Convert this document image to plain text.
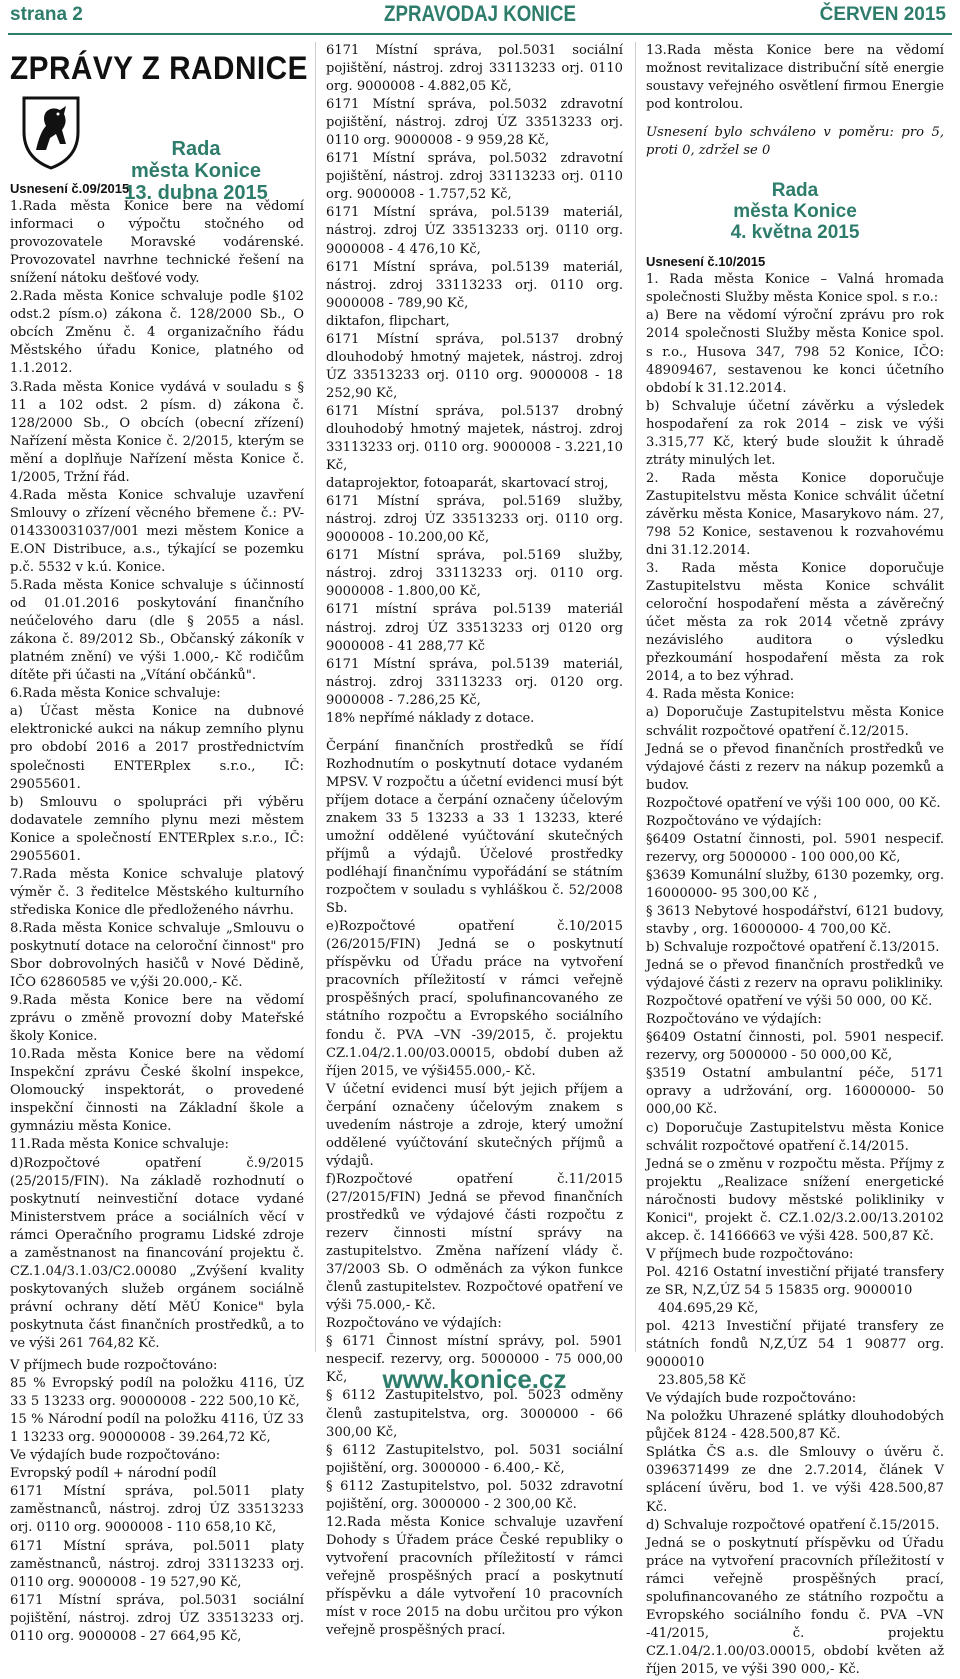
strana 2	ZPRAVODAJ KONICE	ČERVEN 2015
ZPRÁVY Z RADNICE
Rada
města Konice
13. dubna 2015

Usnesení č.09/2015

1.Rada města Konice bere na vědomí informaci o výpočtu stočného od provozovatele Moravské vodárenské. Provozovatel navrhne technické řešení na snížení nátoku dešťové vody.

2.Rada města Konice schvaluje podle §102 odst.2 písm.o) zákona č. 128/2000 Sb., O obcích Změnu č. 4 organizačního řádu Městského úřadu Konice, platného od 1.1.2012.

3.Rada města Konice vydává v souladu s § 11 a 102 odst. 2 písm. d) zákona č. 128/2000 Sb., O obcích (obecní zřízení) Nařízení města Konice č. 2/2015, kterým se mění a doplňuje Nařízení města Konice č. 1/2005, Tržní řád.

4.Rada města Konice schvaluje uzavření Smlouvy o zřízení věcného břemene č.: PV-014330031037/001 mezi městem Konice a E.ON Distribuce, a.s., týkající se pozemku p.č. 5532 v k.ú. Konice.

5.Rada města Konice schvaluje s účinností od 01.01.2016 poskytování finančního neúčelového daru (dle § 2055 a násl. zákona č. 89/2012 Sb., Občanský zákoník v platném znění) ve výši 1.000,- Kč rodičům dítěte při účasti na „Vítání občánků".

6.Rada města Konice schvaluje:

a) Účast města Konice na dubnové elektronické aukci na nákup zemního plynu pro období 2016 a 2017 prostřednictvím společnosti ENTERplex s.r.o., IČ: 29055601.

b) Smlouvu o spolupráci při výběru dodavatele zemního plynu mezi městem Konice a společností ENTERplex s.r.o., IČ: 29055601.

7.Rada města Konice schvaluje platový výměr č. 3 ředitelce Městského kulturního střediska Konice dle předloženého návrhu.

8.Rada města Konice schvaluje „Smlouvu o poskytnutí dotace na celoroční činnost" pro Sbor dobrovolných hasičů v Nové Dědině, IČO 62860585 ve v,ýši 20.000,- Kč.

9.Rada města Konice bere na vědomí zprávu o změně provozní doby Mateřské školy Konice.

10.Rada města Konice bere na vědomí Inspekční zprávu České školní inspekce, Olomoucký inspektorát, o provedené inspekční činnosti na Základní škole a gymnáziu města Konice.

11.Rada města Konice schvaluje:

d)Rozpočtové opatření č.9/2015 (25/2015/FIN). Na základě rozhodnutí o poskytnutí neinvestiční dotace vydané Ministerstvem práce a sociálních věcí v rámci Operačního programu Lidské zdroje a zaměstnanost na financování projektu č. CZ.1.04/3.1.03/C2.00080 „Zvýšení kvality poskytovaných služeb orgánem sociálně právní ochrany dětí MěÚ Konice" byla poskytnuta část finančních prostředků, a to ve výši 261 764,82 Kč.

V příjmech bude rozpočtováno:

85 % Evropský podíl na položku 4116, ÚZ 33 5 13233 org. 90000008 - 222 500,10 Kč,

15 % Národní podíl na položku 4116, ÚZ 33 1 13233 org. 90000008 - 39.264,72 Kč,

Ve výdajích bude rozpočtováno:

Evropský podíl + národní podíl

6171 Místní správa, pol.5011 platy zaměstnanců, nástroj. zdroj ÚZ 33513233 orj. 0110 org. 9000008 - 110 658,10 Kč,

6171 Místní správa, pol.5011 platy zaměstnanců, nástroj. zdroj 33113233 orj. 0110 org. 9000008 - 19 527,90 Kč,

6171 Místní správa, pol.5031 sociální pojištění, nástroj. zdroj ÚZ 33513233 orj. 0110 org. 9000008 - 27 664,95 Kč,

6171 Místní správa, pol.5031 sociální pojištění, nástroj. zdroj 33113233 orj. 0110 org. 9000008 - 4.882,05 Kč,

6171 Místní správa, pol.5032 zdravotní pojištění, nástroj. zdroj ÚZ 33513233 orj. 0110 org. 9000008 - 9 959,28 Kč,

6171 Místní správa, pol.5032 zdravotní pojištění, nástroj. zdroj 33113233 orj. 0110 org. 9000008 - 1.757,52 Kč,

6171 Místní správa, pol.5139 materiál, nástroj. zdroj ÚZ 33513233 orj. 0110 org. 9000008 - 4 476,10 Kč,

6171 Místní správa, pol.5139 materiál, nástroj. zdroj 33113233 orj. 0110 org. 9000008 - 789,90 Kč,

diktafon, flipchart,

6171 Místní správa, pol.5137 drobný dlouhodobý hmotný majetek, nástroj. zdroj ÚZ 33513233 orj. 0110 org. 9000008 - 18 252,90 Kč,

6171 Místní správa, pol.5137 drobný dlouhodobý hmotný majetek, nástroj. zdroj 33113233 orj. 0110 org. 9000008 - 3.221,10 Kč,

dataprojektor, fotoaparát, skartovací stroj,

6171 Místní správa, pol.5169 služby, nástroj. zdroj ÚZ 33513233 orj. 0110 org. 9000008 - 10.200,00 Kč,

6171 Místní správa, pol.5169 služby, nástroj. zdroj 33113233 orj. 0110 org. 9000008 - 1.800,00 Kč,

6171 místní správa pol.5139 materiál nástroj. zdroj ÚZ 33513233 orj 0120 org 9000008 - 41 288,77 Kč

6171 Místní správa, pol.5139 materiál, nástroj. zdroj 33113233 orj. 0120 org. 9000008 - 7.286,25 Kč,

18% nepřímé náklady z dotace.

Čerpání finančních prostředků se řídí Rozhodnutím o poskytnutí dotace vydaném MPSV. V rozpočtu a účetní evidenci musí být příjem dotace a čerpání označeny účelovým znakem 33 5 13233 a 33 1 13233, které umožní oddělené vyúčtování skutečných příjmů a výdajů. Účelové prostředky podléhají finančnímu vypořádání se státním rozpočtem v souladu s vyhláškou č. 52/2008 Sb.

e)Rozpočtové opatření č.10/2015 (26/2015/FIN) Jedná se o poskytnutí příspěvku od Úřadu práce na vytvoření pracovních příležitostí v rámci veřejně prospěšných prací, spolufinancovaného ze státního rozpočtu a Evropského sociálního fondu č. PVA –VN -39/2015, č. projektu CZ.1.04/2.1.00/03.00015, období duben až říjen 2015, ve výši455.000,- Kč.

V účetní evidenci musí být jejich příjem a čerpání označeny účelovým znakem s uvedením nástroje a zdroje, který umožní oddělené vyúčtování skutečných příjmů a výdajů.

f)Rozpočtové opatření č.11/2015 (27/2015/FIN) Jedná se převod finančních prostředků ve výdajové části rozpočtu z rezerv činnosti místní správy na zastupitelstvo. Změna nařízení vlády č. 37/2003 Sb. O odměnách za výkon funkce členů zastupitelstev. Rozpočtové opatření ve výši 75.000,- Kč.

Rozpočtováno ve výdajích:

§ 6171 Činnost místní správy, pol. 5901 nespecif. rezervy, org. 5000000 - 75 000,00 Kč,

§ 6112 Zastupitelstvo, pol. 5023 odměny členů zastupitelstva, org. 3000000 - 66 300,00 Kč,

§ 6112 Zastupitelstvo, pol. 5031 sociální pojištění, org. 3000000 - 6.400,- Kč,

§ 6112 Zastupitelstvo, pol. 5032 zdravotní pojištění, org. 3000000 - 2 300,00 Kč.

12.Rada města Konice schvaluje uzavření Dohody s Úřadem práce České republiky o vytvoření pracovních příležitostí v rámci veřejně prospěšných prací a poskytnutí příspěvku a dále vytvoření 10 pracovních míst v roce 2015 na dobu určitou pro výkon veřejně prospěšných prací.

13.Rada města Konice bere na vědomí možnost revitalizace distribuční sítě energie soustavy veřejného osvětlení firmou Energie pod kontrolou.

Usnesení bylo schváleno v poměru: pro 5, proti 0, zdržel se 0

Rada
města Konice
4. května 2015

Usnesení č.10/2015

1. Rada města Konice – Valná hromada společnosti Služby města Konice spol. s r.o.:

a) Bere na vědomí výroční zprávu pro rok 2014 společnosti Služby města Konice spol. s r.o., Husova 347, 798 52 Konice, IČO: 48909467, sestavenou ke konci účetního období k 31.12.2014.

b) Schvaluje účetní závěrku a výsledek hospodaření za rok 2014 – zisk ve výši 3.315,77 Kč, který bude sloužit k úhradě ztráty minulých let.

2. Rada města Konice doporučuje Zastupitelstvu města Konice schválit účetní závěrku města Konice, Masarykovo nám. 27, 798 52 Konice, sestavenou k rozvahovému dni 31.12.2014.

3. Rada města Konice doporučuje Zastupitelstvu města Konice schválit celoroční hospodaření města a závěrečný účet města za rok 2014 včetně zprávy nezávislého auditora o výsledku přezkoumání hospodaření města za rok 2014, a to bez výhrad.

4. Rada města Konice:

a) Doporučuje Zastupitelstvu města Konice schválit rozpočtové opatření č.12/2015.

Jedná se o převod finančních prostředků ve výdajové části z rezerv na nákup pozemků a budov.

Rozpočtové opatření ve výši 100 000, 00 Kč.

Rozpočtováno ve výdajích:

§6409 Ostatní činnosti, pol. 5901 nespecif. rezervy, org 5000000 - 100 000,00 Kč,

§3639 Komunální služby, 6130 pozemky, org. 16000000- 95 300,00 Kč ,

§ 3613 Nebytové hospodářství, 6121 budovy, stavby , org. 16000000- 4 700,00 Kč.

b) Schvaluje rozpočtové opatření č.13/2015.

Jedná se o převod finančních prostředků ve výdajové části z rezerv na opravu polikliniky.

Rozpočtové opatření ve výši 50 000, 00 Kč.

Rozpočtováno ve výdajích:

§6409 Ostatní činnosti, pol. 5901 nespecif. rezervy, org 5000000 - 50 000,00 Kč,

§3519 Ostatní ambulantní péče, 5171 opravy a udržování, org. 16000000- 50 000,00 Kč.

c) Doporučuje Zastupitelstvu města Konice schválit rozpočtové opatření č.14/2015.

Jedná se o změnu v rozpočtu města. Příjmy z projektu „Realizace snížení energetické náročnosti budovy městské polikliniky v Konici", projekt č. CZ.1.02/3.2.00/13.20102 akcep. č. 14166663 ve výši 428. 500,87 Kč.

V příjmech bude rozpočtováno:

Pol. 4216 Ostatní investiční přijaté transfery ze SR, N,Z,ÚZ 54 5 15835 org. 9000010

404.695,29 Kč,

pol. 4213 Investiční přijaté transfery ze státních fondů N,Z,ÚZ 54 1 90877 org. 9000010

23.805,58 Kč

Ve výdajích bude rozpočtováno:

Na položku Uhrazené splátky dlouhodobých půjček 8124 - 428.500,87 Kč.

Splátka ČS a.s. dle Smlouvy o úvěru č. 0396371499 ze dne 2.7.2014, článek V splácení úvěru, bod 1. ve výši 428.500,87 Kč.

d) Schvaluje rozpočtové opatření č.15/2015.

Jedná se o poskytnutí příspěvku od Úřadu práce na vytvoření pracovních příležitostí v rámci veřejně prospěšných prací, spolufinancovaného ze státního rozpočtu a Evropského sociálního fondu č. PVA –VN -41/2015, č. projektu CZ.1.04/2.1.00/03.00015, období květen až říjen 2015, ve výši 390 000,- Kč.

www.konice.cz
